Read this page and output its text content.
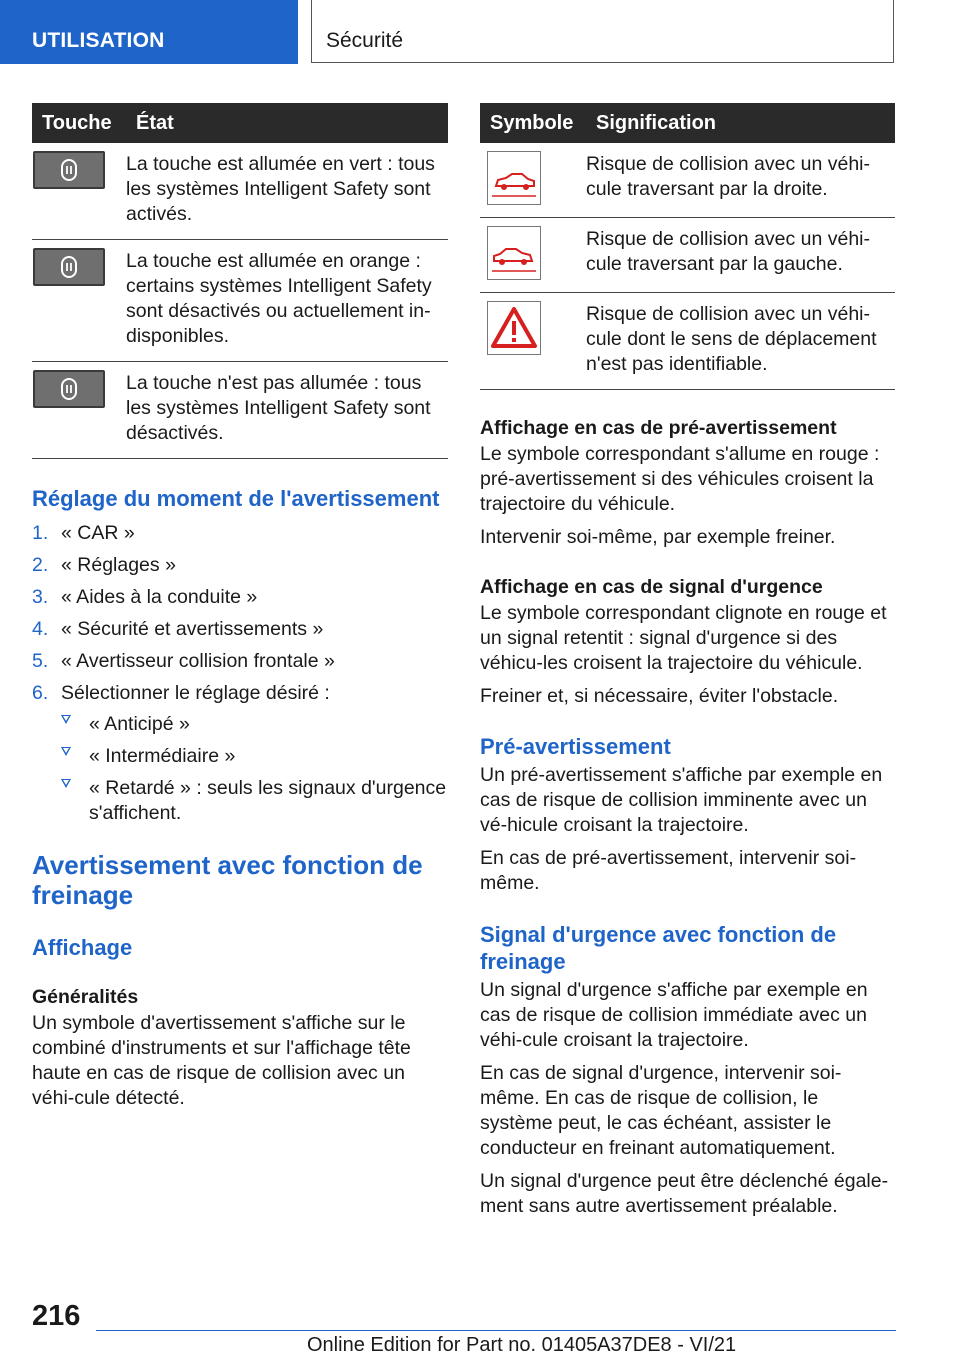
UTILISATION	Sécurité
Touche	État

	La touche est allumée en vert : tous les systèmes Intelligent Safety sont activés.

	La touche est allumée en orange : certains systèmes Intelligent Safety sont désactivés ou actuellement in-disponibles.

	La touche n'est pas allumée : tous les systèmes Intelligent Safety sont désactivés.
Réglage du moment de l'avertissement
1. « CAR »
2. « Réglages »
3. « Aides à la conduite »
4. « Sécurité et avertissements »
5. « Avertisseur collision frontale »
6. Sélectionner le réglage désiré :
« Anticipé »
« Intermédiaire »
« Retardé » : seuls les signaux d'urgence s'affichent.
Avertissement avec fonction de freinage
Affichage
Généralités

Un symbole d'avertissement s'affiche sur le combiné d'instruments et sur l'affichage tête haute en cas de risque de collision avec un véhi-cule détecté.

Symbole	Signification

	Risque de collision avec un véhi-cule traversant par la droite.

	Risque de collision avec un véhi-cule traversant par la gauche.

	Risque de collision avec un véhi-cule dont le sens de déplacement n'est pas identifiable.
Affichage en cas de pré-avertissement

Le symbole correspondant s'allume en rouge : pré-avertissement si des véhicules croisent la trajectoire du véhicule.

Intervenir soi-même, par exemple freiner.

Affichage en cas de signal d'urgence

Le symbole correspondant clignote en rouge et un signal retentit : signal d'urgence si des véhicu-les croisent la trajectoire du véhicule.

Freiner et, si nécessaire, éviter l'obstacle.

Pré-avertissement

Un pré-avertissement s'affiche par exemple en cas de risque de collision imminente avec un vé-hicule croisant la trajectoire.

En cas de pré-avertissement, intervenir soi-même.

Signal d'urgence avec fonction de freinage

Un signal d'urgence s'affiche par exemple en cas de risque de collision immédiate avec un véhi-cule croisant la trajectoire.

En cas de signal d'urgence, intervenir soi-même. En cas de risque de collision, le système peut, le cas échéant, assister le conducteur en freinant automatiquement.

Un signal d'urgence peut être déclenché égale-ment sans autre avertissement préalable.

216
Online Edition for Part no. 01405A37DE8 - VI/21
